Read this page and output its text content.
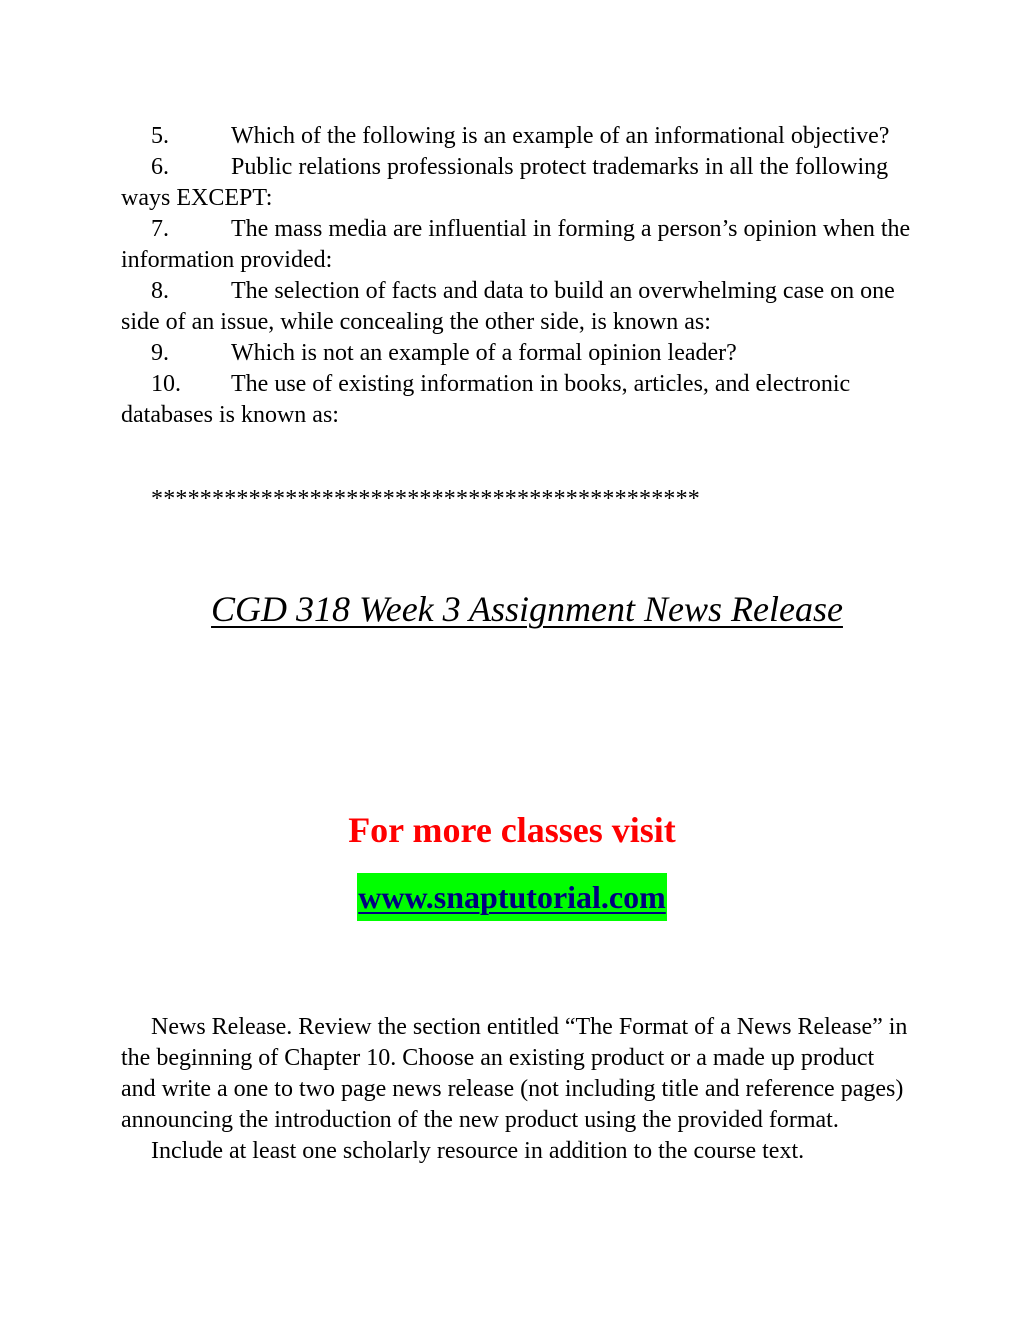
5.	Which of the following is an example of an informational objective?

6.	Public relations professionals protect trademarks in all the following ways EXCEPT:

7.	The mass media are influential in forming a person’s opinion when the information provided:

8.	The selection of facts and data to build an overwhelming case on one side of an issue, while concealing the other side, is known as:

9.	Which is not an example of a formal opinion leader?

10. The use of existing information in books, articles, and electronic databases is known as:

*********************************************
CGD 318 Week 3 Assignment News Release
For more classes visit
www.snaptutorial.com

News Release. Review the section entitled “The Format of a News Release” in the beginning of Chapter 10. Choose an existing product or a made up product and write a one to two page news release (not including title and reference pages) announcing the introduction of the new product using the provided format.

Include at least one scholarly resource in addition to the course text.
